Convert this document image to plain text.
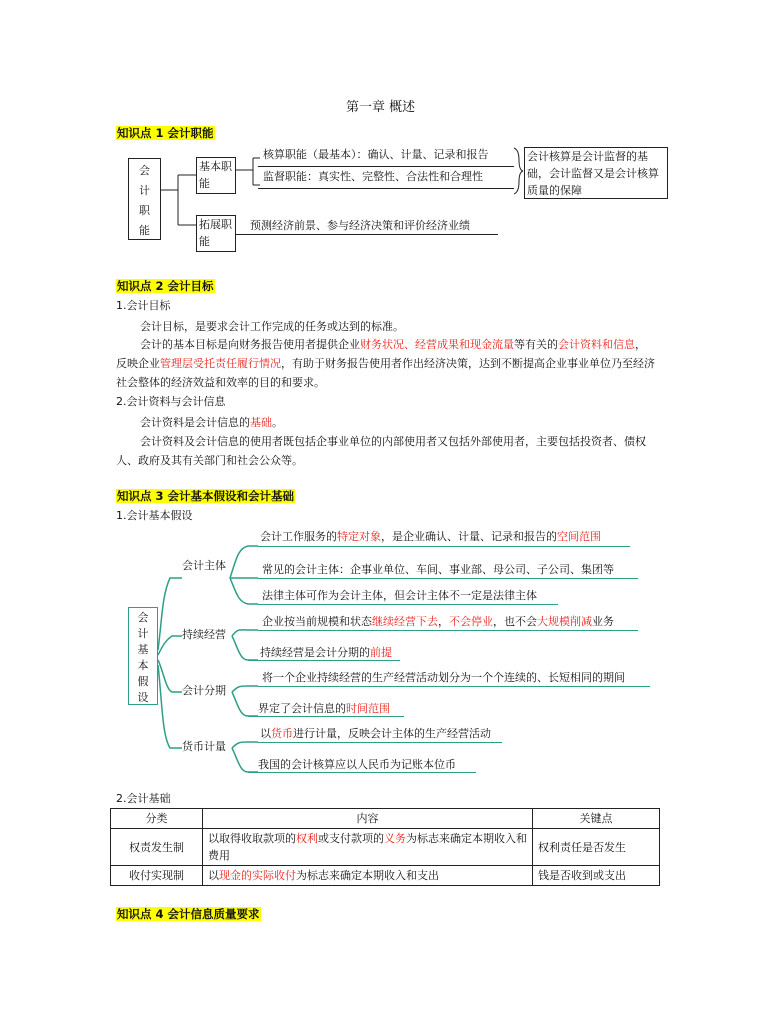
第一章 概述
知识点 1 会计职能
会计职能
基本职能
核算职能（最基本）：确认、计量、记录和报告
监督职能：真实性、完整性、合法性和合理性
会计核算是会计监督的基础，会计监督又是会计核算质量的保障
拓展职能
预测经济前景、参与经济决策和评价经济业绩
知识点 2 会计目标
1.会计目标
会计目标，是要求会计工作完成的任务或达到的标准。
会计的基本目标是向财务报告使用者提供企业财务状况、经营成果和现金流量等有关的会计资料和信息，反映企业管理层受托责任履行情况，有助于财务报告使用者作出经济决策，达到不断提高企业事业单位乃至经济社会整体的经济效益和效率的目的和要求。
2.会计资料与会计信息
会计资料是会计信息的基础。
会计资料及会计信息的使用者既包括企事业单位的内部使用者又包括外部使用者，主要包括投资者、债权人、政府及其有关部门和社会公众等。
知识点 3 会计基本假设和会计基础
1.会计基本假设
会计基本假设
会计主体
持续经营
会计分期
货币计量
会计工作服务的特定对象，是企业确认、计量、记录和报告的空间范围
常见的会计主体：企事业单位、车间、事业部、母公司、子公司、集团等
法律主体可作为会计主体，但会计主体不一定是法律主体
企业按当前规模和状态继续经营下去，不会停业，也不会大规模削减业务
持续经营是会计分期的前提
将一个企业持续经营的生产经营活动划分为一个个连续的、长短相同的期间
界定了会计信息的时间范围
以货币进行计量，反映会计主体的生产经营活动
我国的会计核算应以人民币为记账本位币
2.会计基础
分类	内容	关键点
权责发生制	以取得收取款项的权利或支付款项的义务为标志来确定本期收入和费用	权利责任是否发生
收付实现制	以现金的实际收付为标志来确定本期收入和支出	钱是否收到或支出
知识点 4 会计信息质量要求
